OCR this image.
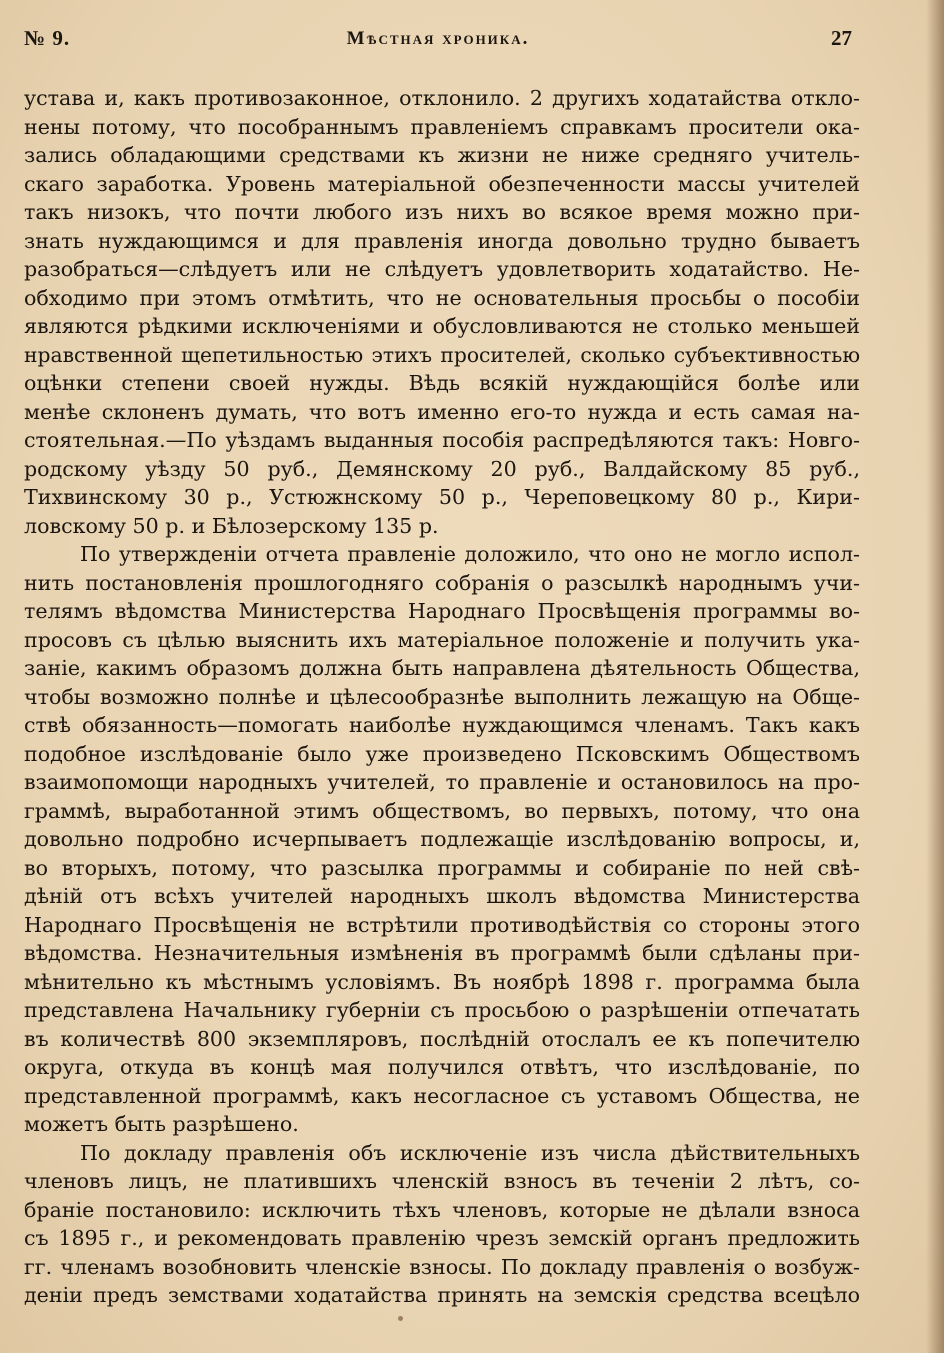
№ 9.	Мѣстная хроника.	27
устава и, какъ противозаконное, отклонило. 2 другихъ ходатайства откло-
нены потому, что пособраннымъ правленіемъ справкамъ просители ока-
зались обладающими средствами къ жизни не ниже средняго учитель-
скаго заработка. Уровень матеріальной обезпеченности массы учителей
такъ низокъ, что почти любого изъ нихъ во всякое время можно при-
знать нуждающимся и для правленія иногда довольно трудно бываетъ
разобраться—слѣдуетъ или не слѣдуетъ удовлетворить ходатайство. Не-
обходимо при этомъ отмѣтить, что не основательныя просьбы о пособіи
являются рѣдкими исключеніями и обусловливаются не столько меньшей
нравственной щепетильностью этихъ просителей, сколько субъективностью
оцѣнки степени своей нужды. Вѣдь всякій нуждающійся болѣе или
менѣе склоненъ думать, что вотъ именно его-то нужда и есть самая на-
стоятельная.—По уѣздамъ выданныя пособія распредѣляются такъ: Новго-
родскому уѣзду 50 руб., Демянскому 20 руб., Валдайскому 85 руб.,
Тихвинскому 30 р., Устюжнскому 50 р., Череповецкому 80 р., Кири-
ловскому 50 р. и Бѣлозерскому 135 р.
По утвержденіи отчета правленіе доложило, что оно не могло испол-
нить постановленія прошлогодняго собранія о разсылкѣ народнымъ учи-
телямъ вѣдомства Министерства Народнаго Просвѣщенія программы во-
просовъ съ цѣлью выяснить ихъ матеріальное положеніе и получить ука-
заніе, какимъ образомъ должна быть направлена дѣятельность Общества,
чтобы возможно полнѣе и цѣлесообразнѣе выполнить лежащую на Обще-
ствѣ обязанность—помогать наиболѣе нуждающимся членамъ. Такъ какъ
подобное изслѣдованіе было уже произведено Псковскимъ Обществомъ
взаимопомощи народныхъ учителей, то правленіе и остановилось на про-
граммѣ, выработанной этимъ обществомъ, во первыхъ, потому, что она
довольно подробно исчерпываетъ подлежащіе изслѣдованію вопросы, и,
во вторыхъ, потому, что разсылка программы и собираніе по ней свѣ-
дѣній отъ всѣхъ учителей народныхъ школъ вѣдомства Министерства
Народнаго Просвѣщенія не встрѣтили противодѣйствія со стороны этого
вѣдомства. Незначительныя измѣненія въ программѣ были сдѣланы при-
мѣнительно къ мѣстнымъ условіямъ. Въ ноябрѣ 1898 г. программа была
представлена Начальнику губерніи съ просьбою о разрѣшеніи отпечатать
въ количествѣ 800 экземпляровъ, послѣдній отослалъ ее къ попечителю
округа, откуда въ концѣ мая получился отвѣтъ, что изслѣдованіе, по
представленной программѣ, какъ несогласное съ уставомъ Общества, не
можетъ быть разрѣшено.
По докладу правленія объ исключеніе изъ числа дѣйствительныхъ
членовъ лицъ, не платившихъ членскій взносъ въ теченіи 2 лѣтъ, со-
браніе постановило: исключить тѣхъ членовъ, которые не дѣлали взноса
съ 1895 г., и рекомендовать правленію чрезъ земскій органъ предложить
гг. членамъ возобновить членскіе взносы. По докладу правленія о возбуж-
деніи предъ земствами ходатайства принять на земскія средства всецѣло
